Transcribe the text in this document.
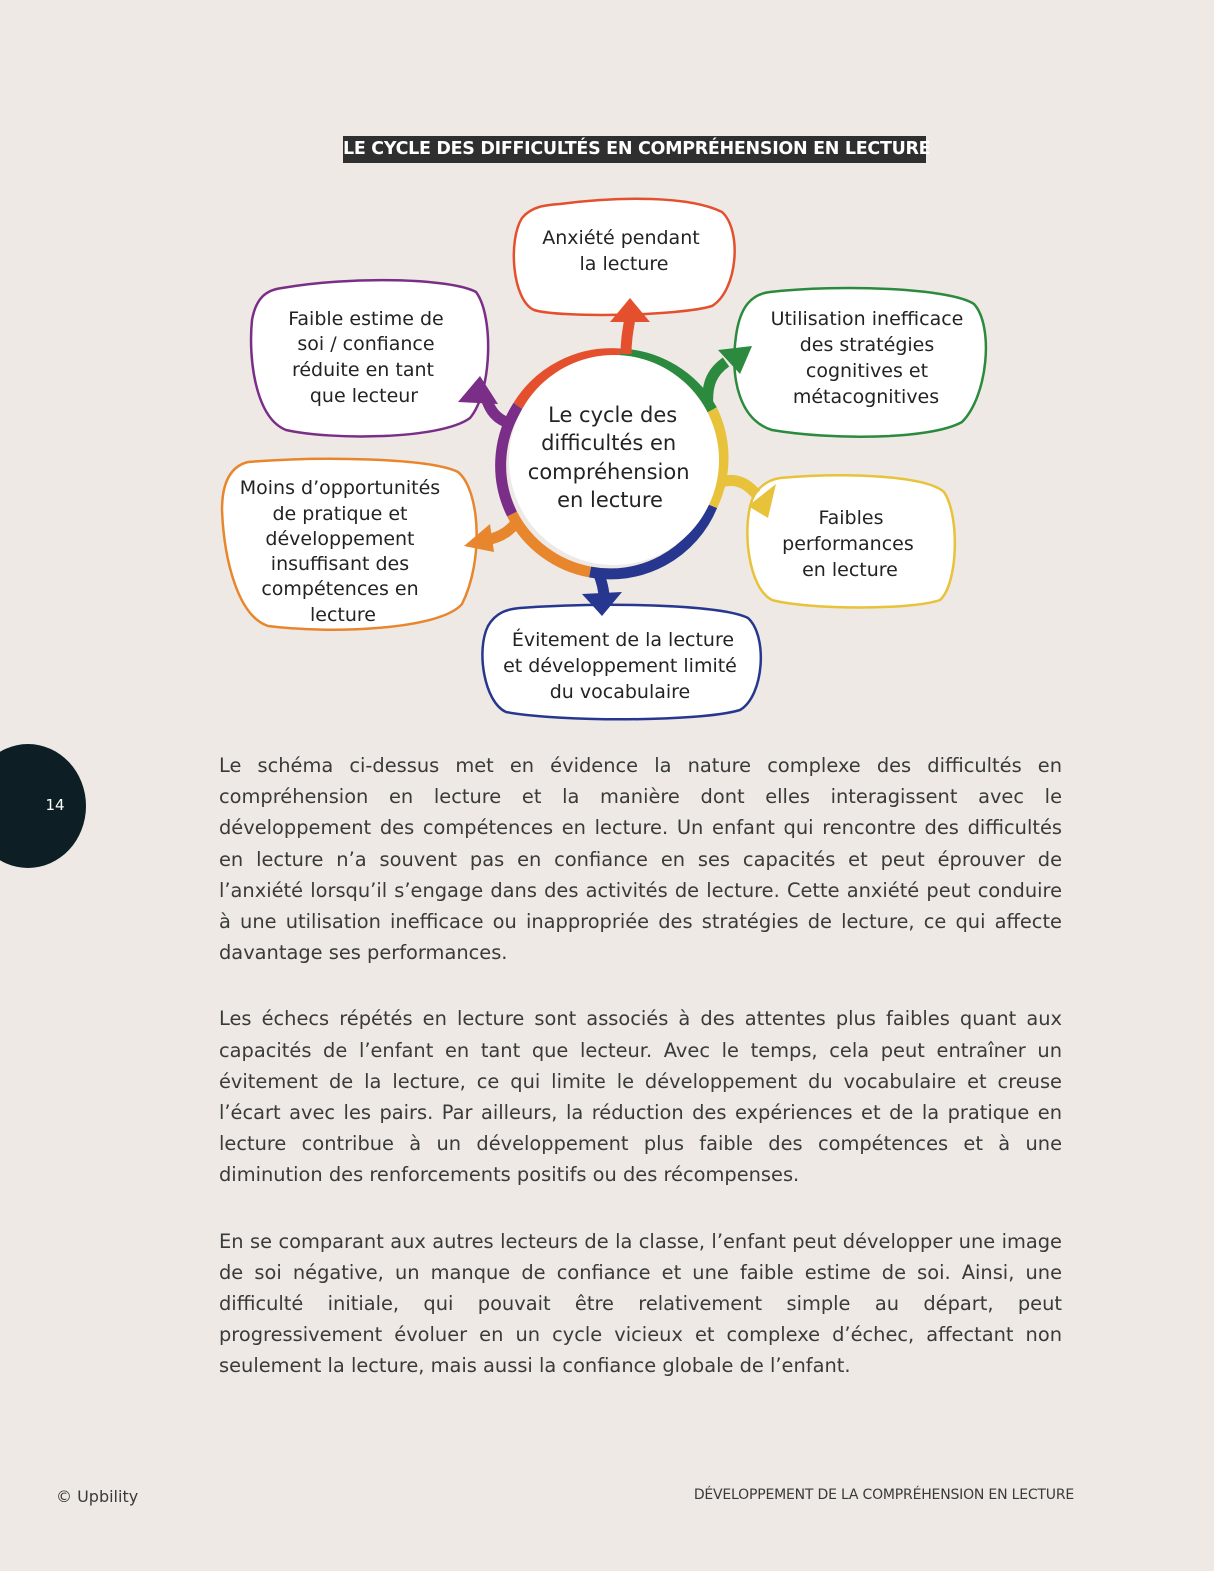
LE CYCLE DES DIFFICULTÉS EN COMPRÉHENSION EN LECTURE
Anxiété pendant la lecture
Utilisation inefficace des stratégies cognitives et métacognitives
Faibles performances en lecture
Évitement de la lecture et développement limité du vocabulaire
Moins d’opportunités de pratique et développement insuffisant des compétences en lecture
Faible estime de soi / confiance réduite en tant que lecteur
Le cycle des difficultés en compréhension en lecture
14

Le schéma ci-dessus met en évidence la nature complexe des difficultés en compréhension en lecture et la manière dont elles interagissent avec le développement des compétences en lecture. Un enfant qui rencontre des difficultés en lecture n’a souvent pas en confiance en ses capacités et peut éprouver de l’anxiété lorsqu’il s’engage dans des activités de lecture. Cette anxiété peut conduire à une utilisation inefficace ou inappropriée des stratégies de lecture, ce qui affecte davantage ses performances.

Les échecs répétés en lecture sont associés à des attentes plus faibles quant aux capacités de l’enfant en tant que lecteur. Avec le temps, cela peut entraîner un évitement de la lecture, ce qui limite le développement du vocabulaire et creuse l’écart avec les pairs. Par ailleurs, la réduction des expériences et de la pratique en lecture contribue à un développement plus faible des compétences et à une diminution des renforcements positifs ou des récompenses.

En se comparant aux autres lecteurs de la classe, l’enfant peut développer une image de soi négative, un manque de confiance et une faible estime de soi. Ainsi, une difficulté initiale, qui pouvait être relativement simple au départ, peut progressivement évoluer en un cycle vicieux et complexe d’échec, affectant non seulement la lecture, mais aussi la confiance globale de l’enfant.

© Upbility	DÉVELOPPEMENT DE LA COMPRÉHENSION EN LECTURE
